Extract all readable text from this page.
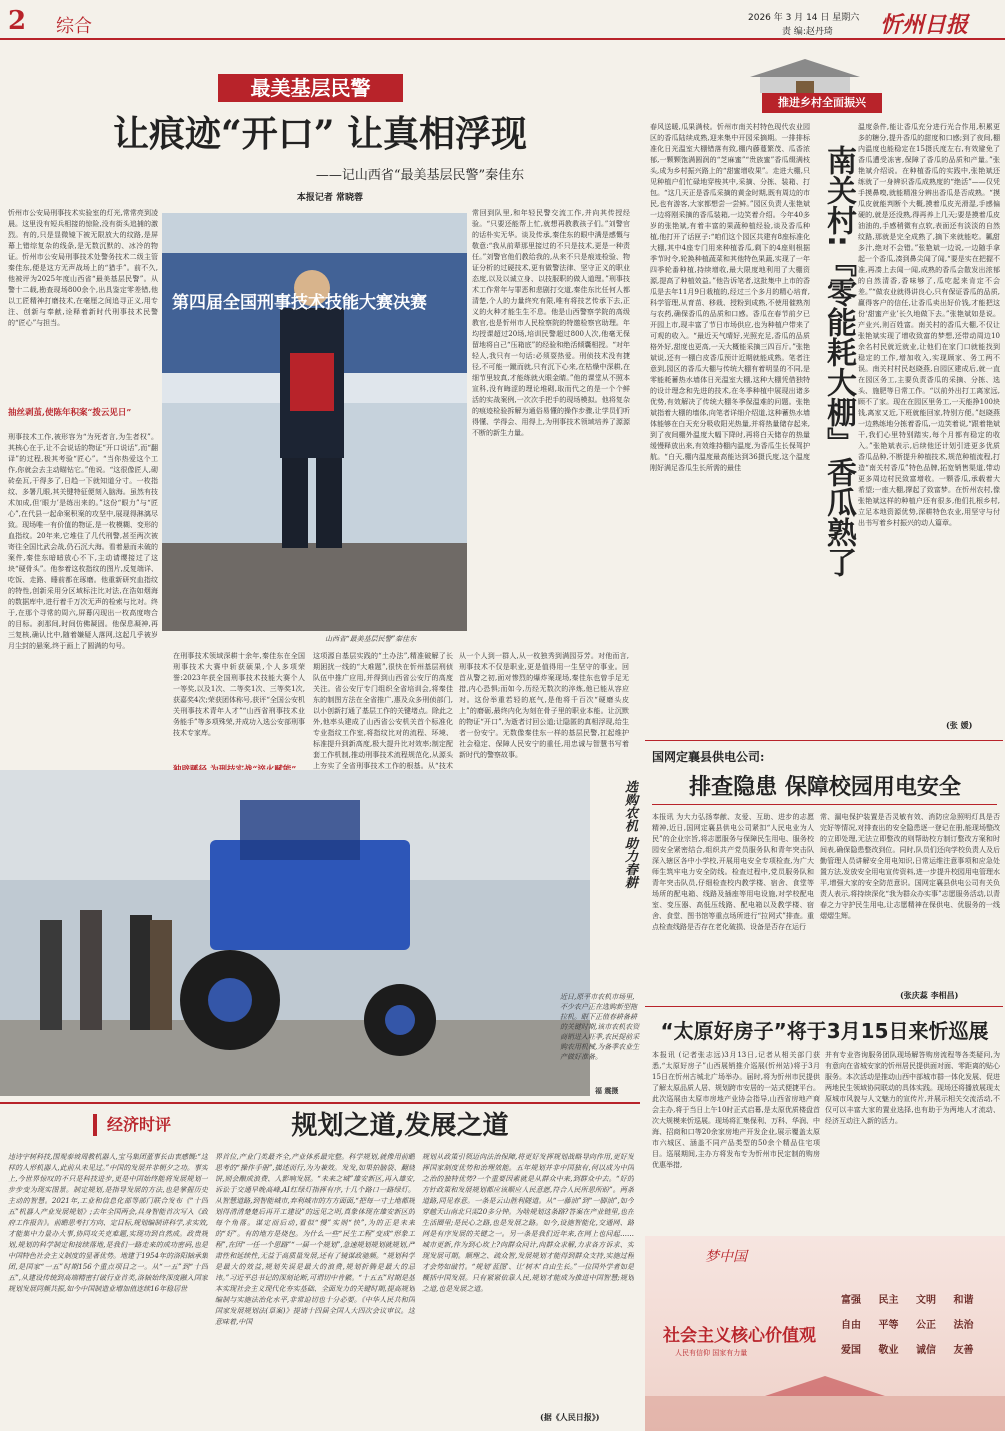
2 综合	2026 年 3 月 14 日 星期六
责 编:赵丹琦 忻州日报
最美基层民警
让痕迹“开口” 让真相浮现
——记山西省“最美基层民警”秦佳东
本报记者 常晓蓉
忻州市公安局刑事技术实验室的灯光,常常亮到凌晨。这里没有短兵相接的惊险,没有街头追捕的激烈。有的,只是显微镜下被无限放大的纹路,是屏幕上错综复杂的线条,是无数沉默的、冰冷的物证。忻州市公安局刑事技术处警务技术二级主管秦佳东,便是这方无声战场上的“猎手”。前不久,他被评为2025年度山西省“最美基层民警”。从警十二载,勘查现场800余个,出具鉴定零差错,他以工匠精神打磨技术,在毫厘之间追寻正义,用专注、创新与奉献,诠释着新时代刑事技术民警的“匠心”与担当。
抽丝剥茧,使陈年积案“拨云见日”
刑事技术工作,被形容为“为死者言,为生者权”。其核心在于,让不会说话的物证“开口说话”,而“翻译”的过程,极其考验“匠心”。“当你热爱这个工作,你就会去主动瞄钻它。”他说。“这很像匠人,砌砖垒瓦,干得多了,日趋一下就知道分寸。一枚指纹、多署几眼,其关键特征便刻入脑海。虽然有技术加成,但‘眼力’是练出来的。”这份“眼力”与“匠心”,在代县一起命案积案的攻坚中,展现得淋漓尽致。现场唯一有价值的物证,是一枚模糊、变形的血指纹。20年来,它堆住了几代刑警,甚至两次被寄往全国比武会战,仍石沉大海。看着悬而未破的案件,秦佳东暗暗放心不下,主动请缨接过了这块“硬骨头”。他参着这枚指纹的图片,反复端详、吃饭、走路、睡前都在琢磨。他重新研究血指纹的特性,创新采用分区域标注比对法,在浩如烟海的数据库中,进行着千万次无声的检索与比对。终于,在那个寻常的周六,屏幕闪现出一枚高度吻合的目标。刹那间,时间仿佛凝固。他保息凝神,再三复核,确认比中,随着嫌疑人落网,这起几乎被岁月尘封的悬案,终于画上了圆满的句号。
第四届全国刑事技术技能大赛决赛
山西省“最美基层民警”秦佳东
常回到队里,和年轻民警交流工作,并向其传授经验。“只要还能帮上忙,就想再教教孩子们。”刘警官的话朴实无华。谈及传承,秦佳东的眼中满是感慨与敬意:“我从前辈那里接过的不只是技术,更是一种责任。”刘警官他们教给我的,从来不只是痕迹检验、物证分析的过硬技术,更有做警法律、坚守正义的职业态度,以及以诚立身、以技服职的做人道理。”刑事技术工作常年与罪恶和悲剧打交道,秦佳东比任何人都清楚,个人的力量终究有限,唯有将技艺传承下去,正义的火种才能生生不息。他是山西警察学院的高级教官,也是忻州市人民检察院的特邀检察官助理。年均授课超过20场,培训民警超过800人次,他毫无保留地将自己“压箱底”的经验和绝活倾囊相授。“对年轻人,我只有一句话:必须耍热爱。刑侦技术没有捷径,不可能一蹴而就,只有沉下心来,在枯燥中深耕,在细节里较真,才能练就火眼金睛。”他的课堂从不照本宣科,没有晦涩的理论堆砌,取而代之的是一个个鲜活的实战案例,一次次手把手的现场模拟。他将复杂的痕迹检验拆解为通俗易懂的操作步骤,让学员们听得懂、学得会、用得上,为刑事技术领域培养了源源不断的新生力量。
在刑事技术领域深耕十余年,秦佳东在全国刑事技术大赛中斩获硕果,个人多项荣誉:2023年获全国刑事技术技能大赛个人一等奖,以及1次、二等奖1次、三等奖1次,获嘉奖4次;荣获团体称号,获评“全国公安机关刑事技术青年人才”“山西省刑事技术业务能手”等多项殊荣,并成功入选公安部刑事技术专家库。
这项源自基层实践的“土办法”,精准破解了长期困扰一线的“大难题”,很快在忻州基层刑侦队伍中推广应用,并得到山西省公安厅的高度关注。省公安厅专门组织全省培训会,将秦佳东的制图方法在全省推广,惠及众多刑侦部门,以小创新打通了基层工作的关键堵点。除此之外,他率头建成了山西省公安机关首个标准化专业指纹工作室,将指纹比对的流程、环境、标准提升到新高度,极大提升比对效率;制定配套工作机制,推动刑事技术流程规范化,从源头上夯实了全省刑事技术工作的根基。从“技术
从一个人到一群人,从一枚独秀到满园芬芳。对他而言,刑事技术不仅是职业,更是值得用一生坚守的事业。回首从警之初,面对惨烈的爆炸案现场,秦佳东也曾手足无措,内心恐惧;而如今,历经无数次的淬炼,他已能从容应对。这份举重若轻的底气,是他将千百次“硬磨头皮上”的磨砺,最终内化为刻在骨子里的职业本能。让沉默的物证“开口”,为逝者讨回公道;让隐匿的真相浮现,给生者一份安宁。无数像秦佳东一样的基层民警,扛起维护社会稳定、保障人民安宁的重任,用忠诚与智慧书写着新时代的警察故事。
推进乡村全面振兴
春风送暖,瓜果满枝。忻州市南关村特色现代农业园区的香瓜陆续成熟,迎来集中开园采摘期。一排排标准化日光温室大棚错落有致,棚内藤蔓繁茂、瓜香浓郁,一颗颗饱满圆润的“芝麻蜜”“贵族蜜”香瓜缀满枝头,成为乡村振兴路上的“甜蜜增收果”。走进大棚,只见种植户们忙碌地穿梭其中,采摘、分拣、装箱、打包。“这几天正是香瓜采摘的黄金时期,既有周边的市民,也有游客,大家都想尝一尝鲜。”园区负责人张艳斌一边将刚采摘的香瓜装箱,一边笑着介绍。今年40多岁的张艳斌,有着丰富的果蔬种植经验,谈及香瓜种植,他打开了话匣子:“咱们这个园区共建有8座标准化大棚,其中4座专门用来种植香瓜,剩下的4座则根据季节时令,轮换种植蔬菜和其他特色果蔬,实现了一年四季轮番种植,持续增收,最大限度地利用了大棚资源,提高了种植效益。”他告诉笔者,这批集中上市的香瓜是去年11月9日栽植的,经过三个多月的精心培育,科学管理,从育苗、移栽、授粉到成熟,不使用催熟剂与农药,确保香瓜的品质和口感。香瓜在春节前夕已开园上市,现丰富了节日市场供应,也为种植户带来了可观的收入。“最近天气晴好,光照充足,香瓜的品质格外好,甜度也更高,一天大概能采摘三四百斤。”张艳斌说,还有一棚白皮香瓜预计近期就能成熟。笔者注意到,园区的香瓜大棚与传统大棚有着明显的不同,是零能耗蓄热水墙体日光温室大棚,这种大棚凭借独特的设计理念和先进的技术,在冬季种植中展现出诸多优势,有效解决了传统大棚冬季保温难的问题。张艳斌指着大棚的墙体,向笔者详细介绍道,这种蓄热水墙体能够在白天充分吸收阳光热量,并将热量储存起来,到了夜间棚外温度大幅下降时,再将白天储存的热量缓慢释放出来,有效维持棚内温度,为香瓜生长保驾护航。“白天,棚内温度最高能达到36摄氏度,这个温度刚好满足香瓜生长所需的最佳	南关村:『零能耗大棚』香瓜熟了
温度条件,能让香瓜充分进行光合作用,积累更多的糖分,提升香瓜的甜度和口感;到了夜间,棚内温度也能稳定在15摄氏度左右,有效避免了香瓜遭受冻害,保障了香瓜的品质和产量。”张艳斌介绍说。在种植香瓜的实践中,张艳斌还练就了一身辨识香瓜成熟度的“绝活”——仅凭手摸鼻嗅,就能精准分辨出香瓜是否成熟。“摸瓜皮就能判断个大概,摸着瓜皮光滑湿,手感偏硬的,就是还没熟,得再养上几天;要是摸着瓜皮油油的,手感稍微有点软,表面还有淡淡的自然纹路,那就是完全成熟了,摘下来就能吃。瓤甜多汁,绝对不会错。”张艳斌一边说,一边随手拿起一个香瓜,凑到鼻尖闻了闻,“要是实在把握不准,再凑上去闻一闻,成熟的香瓜会散发出浓郁的自然清香,香味够了,瓜吃起来肯定不会差。”“做农业就得讲良心,只有保证香瓜的品质,赢得客户的信任,让香瓜卖出好价钱,才能把这份‘甜蜜产业’长久地做下去。”张艳斌如是说。产业兴,则百姓富。南关村的香瓜大棚,不仅让张艳斌实现了增收致富的梦想,还带动周边10余名村民就近就业,让他们在家门口就能找到稳定的工作,增加收入,实现顾家、务工两不误。南关村村民赵晓燕,自园区建成后,就一直在园区务工,主要负责香瓜的采摘、分拣、选头、施肥等日常工作。“以前外出打工离家远,顾不了家。现在在园区里务工,一天能挣100块钱,离家又近,下班就能回家,特别方便。”赵晓燕一边熟练地分拣着香瓜,一边笑着说,“跟着艳斌干,我们心里特别踏实,每个月都有稳定的收入。”张艳斌表示,后续他还计划引进更多优质香瓜品种,不断提升种植技术,规范种植流程,打造“南关村香瓜”特色品牌,拓宽销售渠道,带动更多周边村民致富增收。一颗香瓜,承载着大希望;一座大棚,撑起了致富梦。在忻州农村,像张艳斌这样的种植户还有很多,他们扎根乡村,立足本地资源优势,深耕特色农业,用坚守与付出书写着乡村振兴的动人篇章。
(张 媛)
国网定襄县供电公司:
排查隐患 保障校园用电安全
本报讯 为大力弘扬奉献、友爱、互助、进步的志愿精神,近日,国网定襄县供电公司紧扣“人民电业为人民”的企业宗旨,将志愿服务与保障民生用电、服务校园安全紧密结合,组织共产党员服务队和青年突击队深入辖区各中小学校,开展用电安全专项检查,为广大师生筑牢电力安全防线。检查过程中,党员服务队和青年突击队员,仔细检查校内教学楼、宿舍、食堂等场所的配电箱、线路及插座等用电设施,对学校配电室、变压器、高低压线路、配电箱以及教学楼、宿舍、食堂、图书馆等重点场所进行“拉网式”排查。重点检查线路是否存在老化破损、设备是否存在运行
常、漏电保护装置是否灵敏有效、消防应急照明灯具是否完好等情况,对排查出的安全隐患逐一登记在册,能现场整改的立即处理,无法立即整改的则帮助校方制订整改方案和时间表,确保隐患整改到位。同时,队员们还向学校负责人及后勤管理人员讲解安全用电知识,日常运维注意事项和应急处置方法,发放安全用电宣传资料,进一步提升校园用电管理水平,增强大家的安全防范意识。国网定襄县供电公司有关负责人表示,将持续深化“我为群众办实事”志愿服务活动,以青春之力守护民生用电,让志愿精神在保供电、优服务的一线熠熠生辉。
(张庆蕊 李相昌)
选购农机 助力春耕
近日,原平市农机市场里,不少农户正在选购新型拖拉机。眼下正值春耕备耕的关键时期,该市农机农资商销进入旺季,农民提前采购农用机械,为备季农业生产做好准备。
福 震摄
“太原好房子”将于3月15日来忻巡展
本报讯 (记者张志远)3月13日,记者从相关部门获悉,“太原好房子”山西展销推介巡展(忻州站)将于3月15日在忻州古城北广场举办。届时,将为忻州市民提供了解太原品质人居、规划跨市安居的一站式便捷平台。此次巡展由太原市房地产业协会指导,山西省房地产商会主办,将于当日上午10时正式启幕,是太原优质楼盘首次大规模来忻巡展。现场将汇集保利、万科、华润、中海、招商和口等20余家房地产开发企业,展示覆盖太原市六城区、涵盖不同产品类型的50余个精品住宅项目。巡展期间,主办方将发布专为忻州市民定制的购房优惠举措,
并有专业咨询服务团队现场解答购房流程等各类疑问,为有意向在省城安家的忻州居民提供面对面、零距离的贴心服务。本次活动是推动山西中部城市群一体化发展、促进两地民生领域协同联动的具体实践。现场还将播放展现太原城市风貌与人文魅力的宣传片,并展示相关交流活动,不仅可以丰富大家的置业选择,也有助于为两地人才流动、经济互动注入新的活力。
经济时评	规划之道,发展之道
违诗宇树科技,围观泰坡周教机器人,宝马集团董事长由衷感慨:“这样的人形机器人,此前从未见过。”中国的发展并非朝夕之功。事实上,今世界惊叹的不只是科技进步,更是中国始终能将发展规划一步步变为现实图景。制定规划,是指导发展的方法,也是掌握历史主动的智慧。2021年,工业和信息化部等部门联合发布《“十四五”机器人产业发展规划》;去年全国两会,具身智能首次写入《政府工作报告》。前瞻思考打方向、定目标,规划编制讲科学,求实效,才能集中力量办大事,协同攻关克难题,实现功到自然成。政贵规划,规划的科学制定和接续落地,是我们一路走来的成功密码,也是中国特色社会主义制度的显著优势。地建于1954年的洛阳轴承集团,是国家“一五”时期156个重点项目之一。从“一五”到“十四五”,从建设传统到高端精密打破行业首类,洛轴始终深度融入国家规划发展同频共振,如今中国制造业增加值连续16年稳居世
界首位,产业门类最齐全,产业体系最完整。科学规划,就像用前瞻思考的“操作手册”,描述而行,为为兼效。发发,如果拍脑袋、翻烧饼,则会酿成浪费、人影响发展。“未来之城”雄安新区,再入雄安,诉讼于交通早晚高峰,AI红绿灯指挥有序,十几个路口一路绿灯。从智慧道路,到智能城市,弃利城市的方方面面,“把每一寸土地都规划得清清楚楚后再开工建设”的远见之明,真象体现在雄安新区的每个角落。谋定而后动,看似“慢”实则“快”,为的正是未来的“好”。有的地方是烧包。为什么一些“民生工程”变成“形象工程”,在因“一任一个思路”“一届一个规划”,急速规划规划就规划,严肃性和延续性,无益于高质量发展,还有了镜谋政驰频。“规划科学是最大的效益,规划失误是最大的浪费,规划折腾是最大的忌讳。”习近平总书记的深刻论断,可谓切中肯綮。“十五五”时期是基本实现社会主义现代化夯实基础、全面发力的关键时期,提高规划编制与实施法治化水平,非常迫切也十分必要。《中华人民共和国国家发展规划法(草案)》提请十四届全国人大四次会议审议。这意味着,中国
规划从政策引领迈向法治保障,将更好发挥规划战略导向作用,更好发挥国家制度优势和治理效能。五年规划并非中国独有,何以成为中国之治的独特优势?一个重要因素就是从群众中来,到群众中去。“好的方针政策和发展规划都应该顺应人民意愿,符合人民所思所盼”。两条道路,同见春意。一条是云山胜利隧道。从“一藤油”到“一脚油”,如今穿越天山南北只需20多分钟。为啥规划这条路?答案在产业链里,也在生活圈里;是民心之路,也是发展之路。如今,设施智能化,交通网、路网是有序发展的关键之一。另一条是我们近年来,在网上也问起……城市更新,作为到心坎上?向群众问计,向群众求解,力求各方诉求、实现发展可期。顺理之、疏众智,发展规划才能得到群众支持,实施过程才会势如破竹。“规划‘蓝图’、让‘树木’自由生长。”一位国外学者如是概括中国发展。只有紧紧依靠人民,规划才能成为推进中国智慧;规划之道,也是发展之道。
(据《人民日报》)
梦中国
社会主义核心价值观
人民有信仰 国家有力量
富强	民主	文明	和谐
自由	平等	公正	法治
爱国	敬业	诚信	友善
